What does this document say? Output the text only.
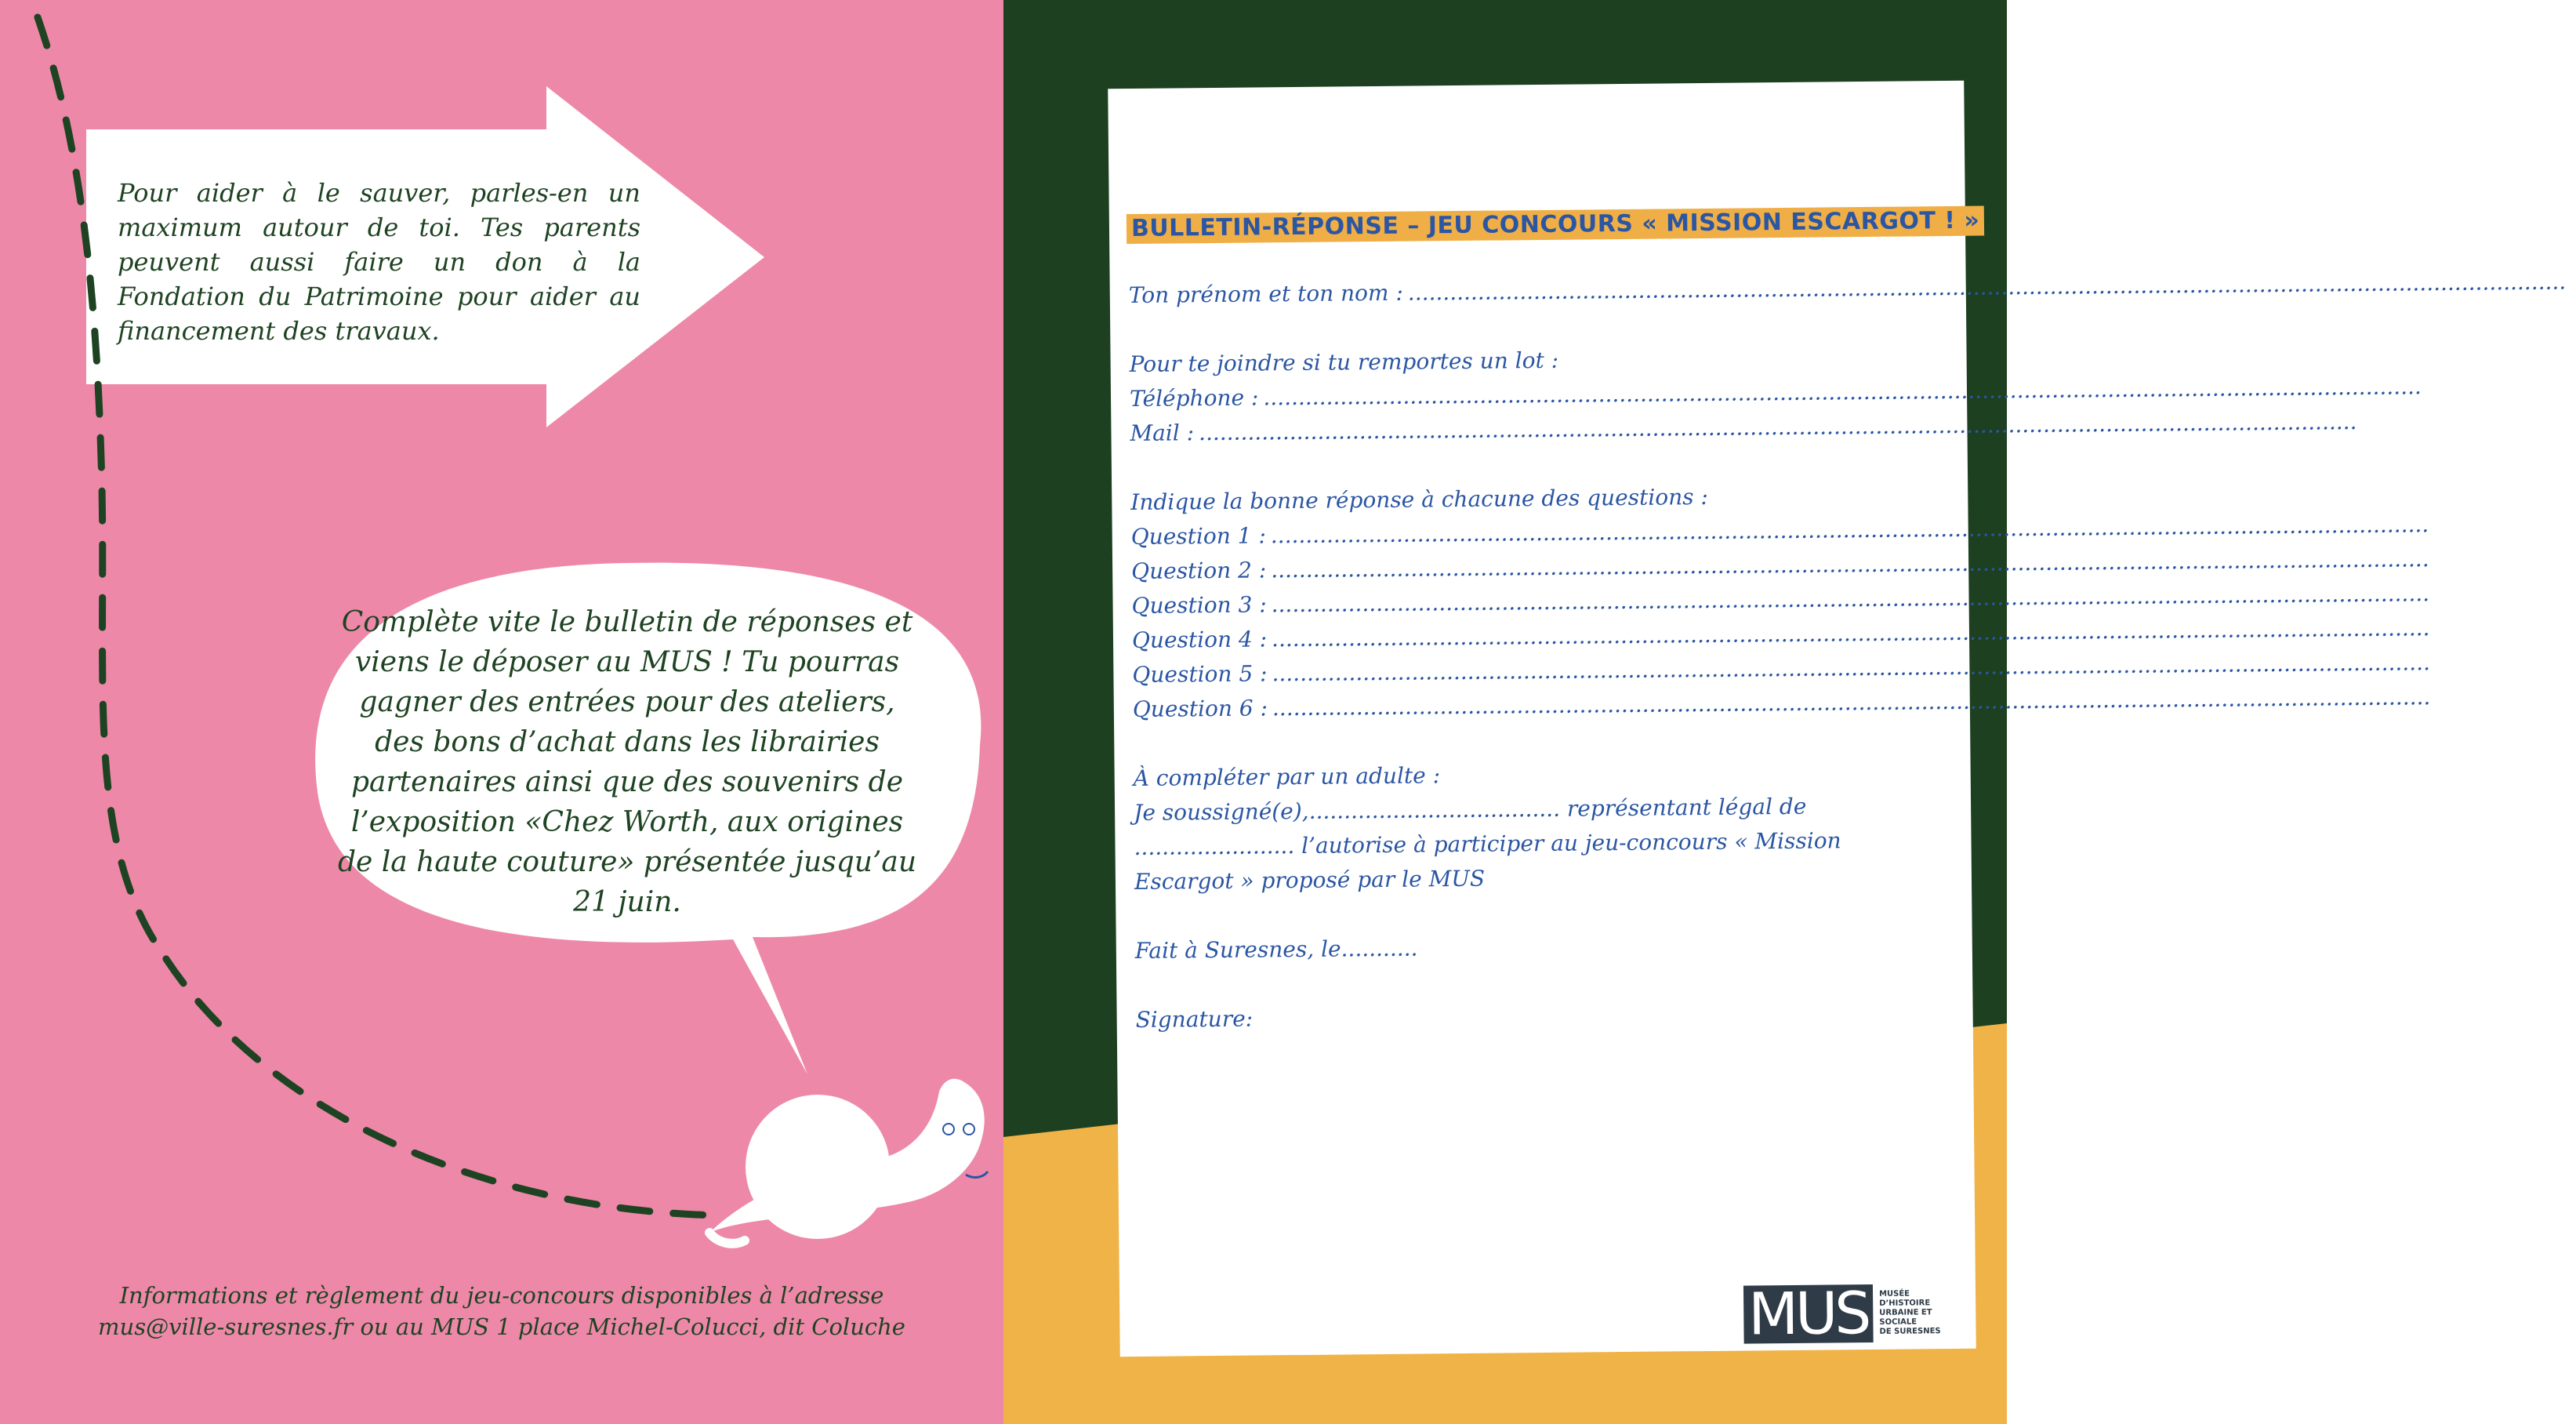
Pour aider à le sauver, parles-en un maximum autour de toi. Tes parents peuvent aussi faire un don à la Fondation du Patrimoine pour aider au financement des travaux.
Complète vite le bulletin de réponses et viens le déposer au MUS ! Tu pourras gagner des entrées pour des ateliers, des bons d’achat dans les librairies partenaires ainsi que des souvenirs de l’exposition «Chez Worth, aux origines de la haute couture» présentée jusqu’au 21 juin.
Informations et règlement du jeu-concours disponibles à l’adresse
mus@ville-suresnes.fr ou au MUS 1 place Michel-Colucci, dit Coluche
BULLETIN-RÉPONSE – JEU CONCOURS « MISSION ESCARGOT ! »
Ton prénom et ton nom : ......................................................................................................................................................................
Pour te joindre si tu remportes un lot :
Téléphone : ......................................................................................................................................................................
Mail : ......................................................................................................................................................................
Indique la bonne réponse à chacune des questions :
Question 1 : ......................................................................................................................................................................
Question 2 : ......................................................................................................................................................................
Question 3 : ......................................................................................................................................................................
Question 4 : ......................................................................................................................................................................
Question 5 : ......................................................................................................................................................................
Question 6 : ......................................................................................................................................................................
À compléter par un adulte :
Je soussigné(e),.................................... représentant légal de
....................... l’autorise à participer au jeu-concours « Mission
Escargot » proposé par le MUS
Fait à Suresnes, le...........
Signature:
MUS	MUSÉE
D’HISTOIRE
URBAINE ET
SOCIALE
DE SURESNES
